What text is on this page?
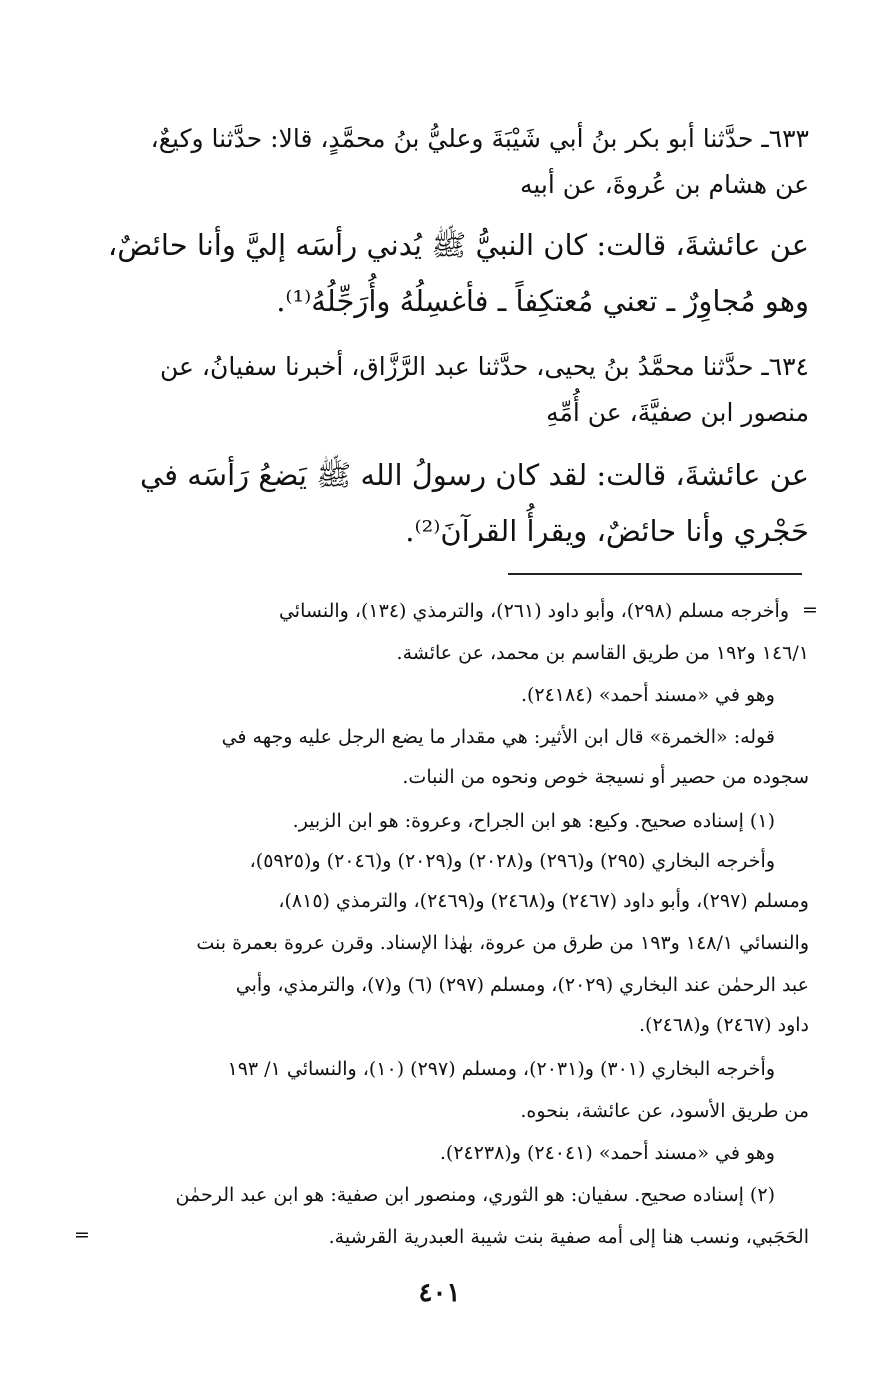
٦٣٣ـ حدَّثنا أبو بكر بنُ أبي شَيْبَةَ وعليُّ بنُ محمَّدٍ، قالا: حدَّثنا وكيعٌ،
عن هشام بن عُروةَ، عن أبيه
عن عائشةَ، قالت: كان النبيُّ ﷺ يُدني رأسَه إليَّ وأنا حائضٌ،
وهو مُجاوِرٌ ـ تعني مُعتكِفاً ـ فأغسِلُهُ وأُرَجِّلُهُ⁽¹⁾.
٦٣٤ـ حدَّثنا محمَّدُ بنُ يحيى، حدَّثنا عبد الرَّزَّاق، أخبرنا سفيانُ، عن
منصور ابن صفيَّةَ، عن أُمِّهِ
عن عائشةَ، قالت: لقد كان رسولُ الله ﷺ يَضعُ رَأسَه في
حَجْري وأنا حائضٌ، ويقرأُ القرآنَ⁽²⁾.
=
=
وأخرجه مسلم (٢٩٨)، وأبو داود (٢٦١)، والترمذي (١٣٤)، والنسائي
١٤٦/١ و١٩٢ من طريق القاسم بن محمد، عن عائشة.
وهو في «مسند أحمد» (٢٤١٨٤).
قوله: «الخمرة» قال ابن الأثير: هي مقدار ما يضع الرجل عليه وجهه في
سجوده من حصير أو نسيجة خوص ونحوه من النبات.
(١) إسناده صحيح. وكيع: هو ابن الجراح، وعروة: هو ابن الزبير.
وأخرجه البخاري (٢٩٥) و(٢٩٦) و(٢٠٢٨) و(٢٠٢٩) و(٢٠٤٦) و(٥٩٢٥)،
ومسلم (٢٩٧)، وأبو داود (٢٤٦٧) و(٢٤٦٨) و(٢٤٦٩)، والترمذي (٨١٥)،
والنسائي ١٤٨/١ و١٩٣ من طرق من عروة، بهٰذا الإسناد. وقرن عروة بعمرة بنت
عبد الرحمٰن عند البخاري (٢٠٢٩)، ومسلم (٢٩٧) (٦) و(٧)، والترمذي، وأبي
داود (٢٤٦٧) و(٢٤٦٨).
وأخرجه البخاري (٣٠١) و(٢٠٣١)، ومسلم (٢٩٧) (١٠)، والنسائي ١/ ١٩٣
من طريق الأسود، عن عائشة، بنحوه.
وهو في «مسند أحمد» (٢٤٠٤١) و(٢٤٢٣٨).
(٢) إسناده صحيح. سفيان: هو الثوري، ومنصور ابن صفية: هو ابن عبد الرحمٰن
الحَجَبي، ونسب هنا إلى أمه صفية بنت شيبة العبدرية القرشية.
٤٠١
